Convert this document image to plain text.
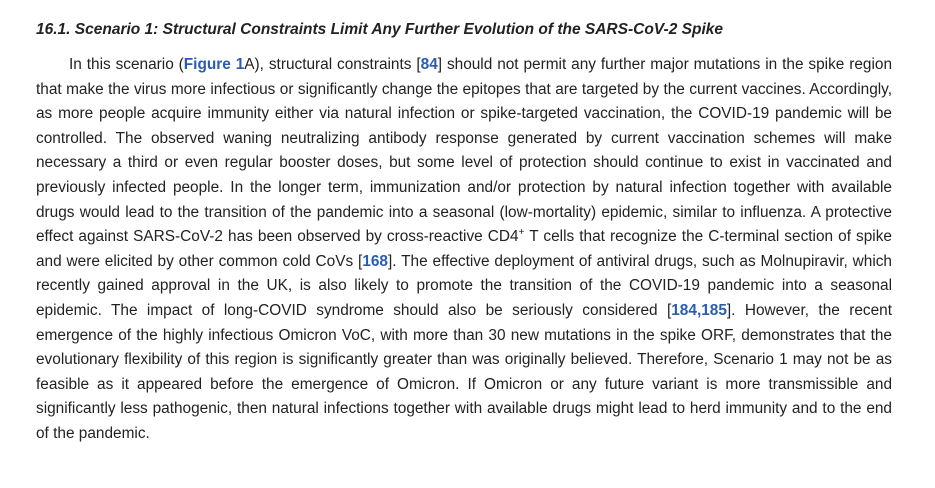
16.1. Scenario 1: Structural Constraints Limit Any Further Evolution of the SARS-CoV-2 Spike

In this scenario (Figure 1A), structural constraints [84] should not permit any further major mutations in the spike region that make the virus more infectious or significantly change the epitopes that are targeted by the current vaccines. Accordingly, as more people acquire immunity either via natural infection or spike-targeted vaccination, the COVID-19 pandemic will be controlled. The observed waning neutralizing antibody response generated by current vaccination schemes will make necessary a third or even regular booster doses, but some level of protection should continue to exist in vaccinated and previously infected people. In the longer term, immunization and/or protection by natural infection together with available drugs would lead to the transition of the pandemic into a seasonal (low-mortality) epidemic, similar to influenza. A protective effect against SARS-CoV-2 has been observed by cross-reactive CD4+ T cells that recognize the C-terminal section of spike and were elicited by other common cold CoVs [168]. The effective deployment of antiviral drugs, such as Molnupiravir, which recently gained approval in the UK, is also likely to promote the transition of the COVID-19 pandemic into a seasonal epidemic. The impact of long-COVID syndrome should also be seriously considered [184,185]. However, the recent emergence of the highly infectious Omicron VoC, with more than 30 new mutations in the spike ORF, demonstrates that the evolutionary flexibility of this region is significantly greater than was originally believed. Therefore, Scenario 1 may not be as feasible as it appeared before the emergence of Omicron. If Omicron or any future variant is more transmissible and significantly less pathogenic, then natural infections together with available drugs might lead to herd immunity and to the end of the pandemic.
